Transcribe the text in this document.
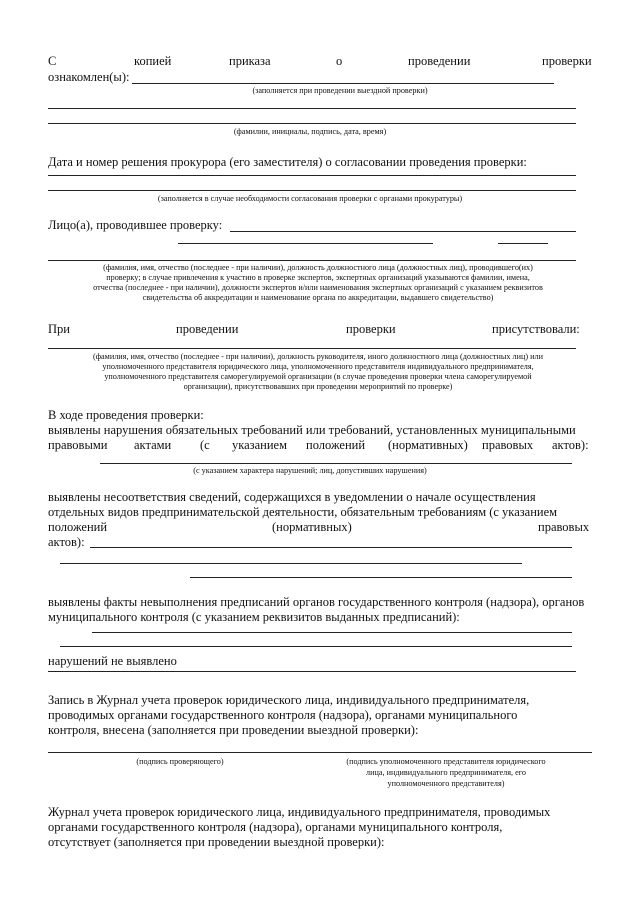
С	копией	приказа	о	проведении	проверки
ознакомлен(ы):
(заполняется при проведении выездной проверки)
(фамилии, инициалы, подпись, дата, время)
Дата и номер решения прокурора (его заместителя) о согласовании проведения проверки:
(заполняется в случае необходимости согласования проверки с органами прокуратуры)
Лицо(а), проводившее проверку:
(фамилия, имя, отчество (последнее - при наличии), должность должностного лица (должностных лиц), проводившего(их)
проверку; в случае привлечения к участию в проверке экспертов, экспертных организаций указываются фамилии, имена,
отчества (последнее - при наличии), должности экспертов и/или наименования экспертных организаций с указанием реквизитов
свидетельства об аккредитации и наименование органа по аккредитации, выдавшего свидетельство)
При	проведении	проверки	присутствовали:
(фамилия, имя, отчество (последнее - при наличии), должность руководителя, иного должностного лица (должностных лиц) или
уполномоченного представителя юридического лица, уполномоченного представителя индивидуального предпринимателя,
уполномоченного представителя саморегулируемой организации (в случае проведения проверки члена саморегулируемой
организации), присутствовавших при проведении мероприятий по проверке)
В ходе проведения проверки:
выявлены нарушения обязательных требований или требований, установленных муниципальными
правовыми актами (с указанием положений (нормативных) правовых актов):
(с указанием характера нарушений; лиц, допустивших нарушения)
выявлены несоответствия сведений, содержащихся в уведомлении о начале осуществления
отдельных видов предпринимательской деятельности, обязательным требованиям (с указанием
положений	(нормативных)	правовых
актов):
выявлены факты невыполнения предписаний органов государственного контроля (надзора), органов
муниципального контроля (с указанием реквизитов выданных предписаний):
нарушений не выявлено
Запись в Журнал учета проверок юридического лица, индивидуального предпринимателя,
проводимых органами государственного контроля (надзора), органами муниципального
контроля, внесена (заполняется при проведении выездной проверки):
(подпись проверяющего)	(подпись уполномоченного представителя юридического
лица, индивидуального предпринимателя, его
уполномоченного представителя)
Журнал учета проверок юридического лица, индивидуального предпринимателя, проводимых
органами государственного контроля (надзора), органами муниципального контроля,
отсутствует (заполняется при проведении выездной проверки):
